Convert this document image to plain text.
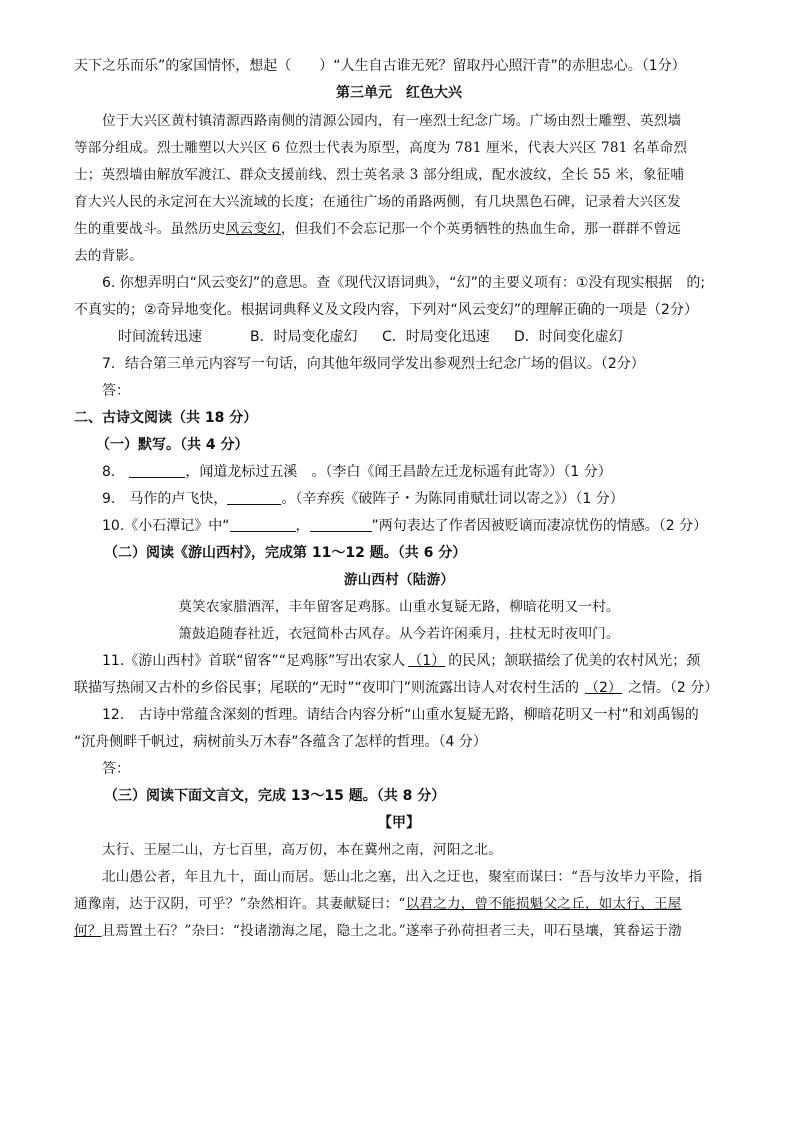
天下之乐而乐”的家国情怀，想起（　　）“人生自古谁无死？留取丹心照汗青”的赤胆忠心。（1分）

第三单元　红色大兴

位于大兴区黄村镇清源西路南侧的清源公园内，有一座烈士纪念广场。广场由烈士雕塑、英烈墙

等部分组成。烈士雕塑以大兴区 6 位烈士代表为原型，高度为 781 厘米，代表大兴区 781 名革命烈

士；英烈墙由解放军渡江、群众支援前线、烈士英名录 3 部分组成，配水波纹，全长 55 米，象征哺

育大兴人民的永定河在大兴流域的长度；在通往广场的甬路两侧，有几块黑色石碑，记录着大兴区发

生的重要战斗。虽然历史风云变幻，但我们不会忘记那一个个英勇牺牲的热血生命，那一群群不曾远

去的背影。

6. 你想弄明白“风云变幻”的意思。查《现代汉语词典》，“幻”的主要义项有：①没有现实根据　的;

不真实的；②奇异地变化。根据词典释义及文段内容，下列对“风云变幻”的理解正确的一项是（2分）

时间流转迅速	B．时局变化虚幻 C．时局变化迅速 D．时间变化虚幻

7．结合第三单元内容写一句话，向其他年级同学发出参观烈士纪念广场的倡议。（2分）

答：

二、古诗文阅读（共 18 分）

（一）默写。（共 4 分）

8.　	，闻道龙标过五溪　。（李白《闻王昌龄左迁龙标遥有此寄》）（1 分）

9.　马作的卢飞快，	。（辛弃疾《破阵子・为陈同甫赋壮词以寄之》）（1 分）

10.《小石潭记》中“	，	”两句表达了作者因被贬谪而凄凉忧伤的情感。（2 分）

（二）阅读《游山西村》，完成第 11～12 题。（共 6 分）

游山西村（陆游）

莫笑农家腊酒浑，丰年留客足鸡豚。山重水复疑无路，柳暗花明又一村。

箫鼓追随春社近，衣冠简朴古风存。从今若许闲乘月，拄杖无时夜叩门。

11.《游山西村》首联“留客”“足鸡豚”写出农家人 （1） 的民风；颔联描绘了优美的农村风光；颈

联描写热闹又古朴的乡俗民事；尾联的“无时”“夜叩门”则流露出诗人对农村生活的 （2） 之情。（2 分）

12.　古诗中常蕴含深刻的哲理。请结合内容分析“山重水复疑无路，柳暗花明又一村”和刘禹锡的

“沉舟侧畔千帆过，病树前头万木春”各蕴含了怎样的哲理。（4 分）

答：

（三）阅读下面文言文，完成 13～15 题。（共 8 分）

【甲】

太行、王屋二山，方七百里，高万仞，本在冀州之南，河阳之北。

北山愚公者，年且九十，面山而居。惩山北之塞，出入之迂也，聚室而谋曰：“吾与汝毕力平险，指

通豫南，达于汉阴，可乎？”杂然相许。其妻献疑曰：“以君之力，曾不能损魁父之丘，如太行、王屋

何？且焉置土石？”杂曰：“投诸渤海之尾，隐土之北。”遂率子孙荷担者三夫，叩石垦壤，箕畚运于渤
